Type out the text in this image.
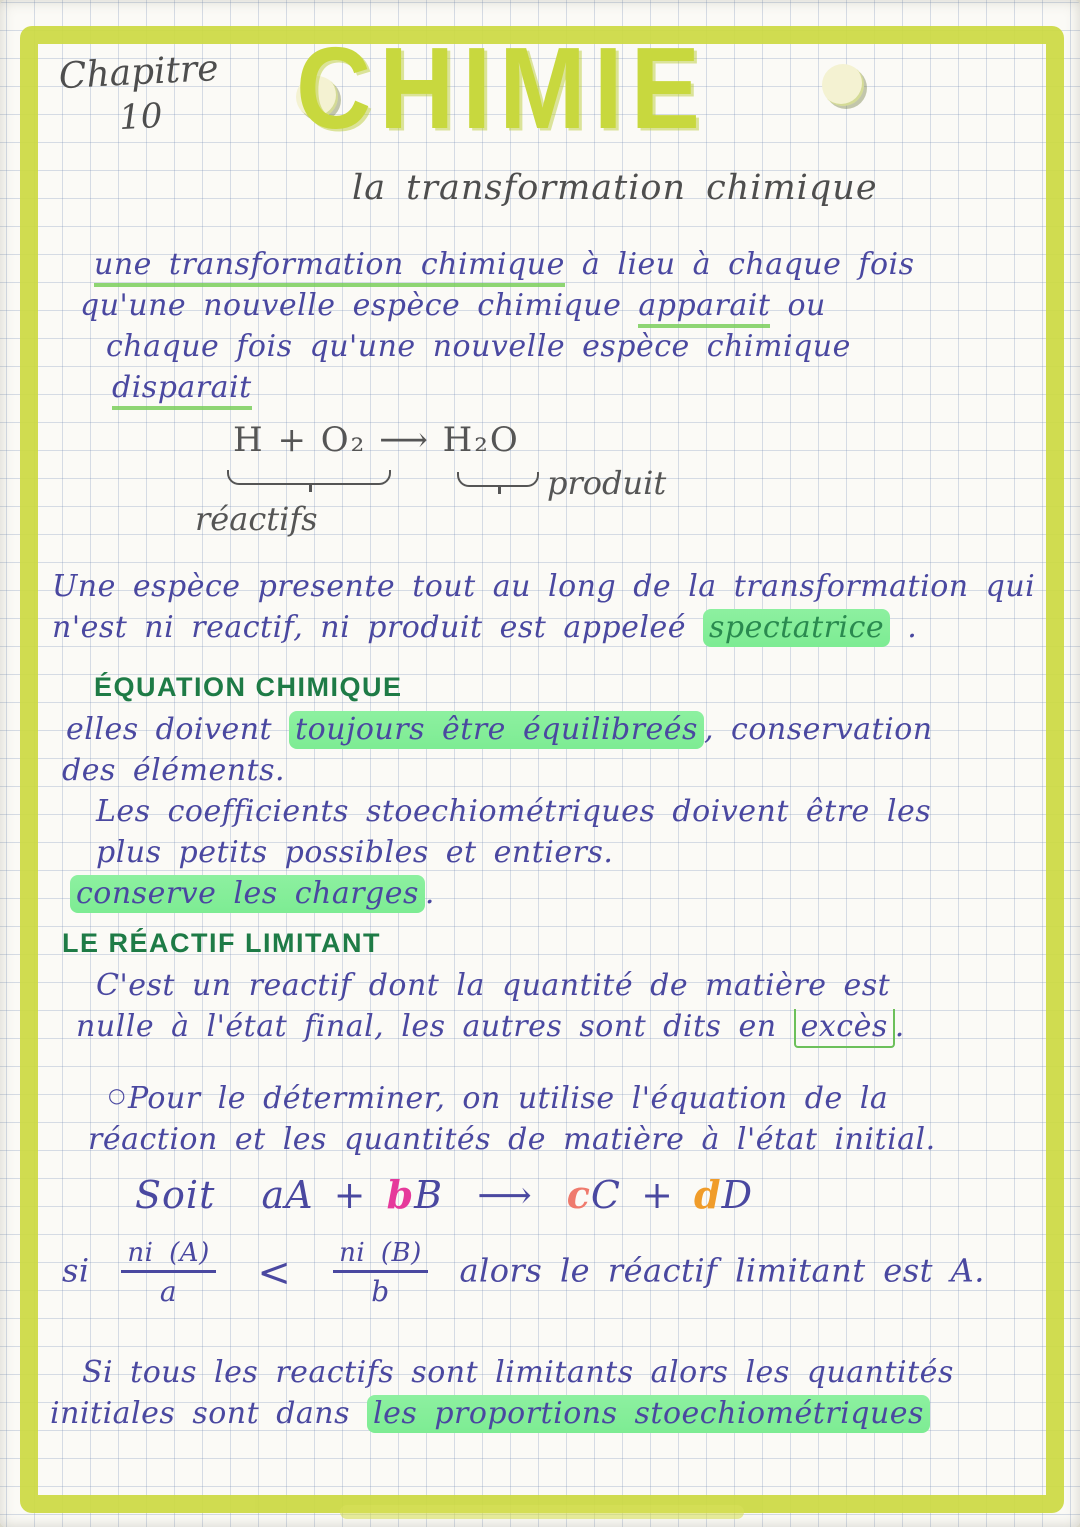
Chapitre
10	CHIMIE
la transformation chimique
une transformation chimique à lieu à chaque fois
qu'une nouvelle espèce chimique apparait ou
chaque fois qu'une nouvelle espèce chimique
disparait
H + O₂ ⟶ H₂O
réactifs
produit
Une espèce presente tout au long de la transformation qui
n'est ni reactif, ni produit est appeleé spectatrice .
ÉQUATION CHIMIQUE
elles doivent toujours être équilibreés , conservation
des éléments.
Les coefficients stoechiométriques doivent être les
plus petits possibles et entiers.
conserve les charges .
LE RÉACTIF LIMITANT
C'est un reactif dont la quantité de matière est
nulle à l'état final, les autres sont dits en excès .
○Pour le déterminer, on utilise l'équation de la
réaction et les quantités de matière à l'état initial.
Soit aA + bB ⟶ cC + dD
si $\frac{ni (A)}{a} < \frac{ni (B)}{b}$ alors le réactif limitant est A.
Si tous les reactifs sont limitants alors les quantités
initiales sont dans les proportions stoechiométriques
